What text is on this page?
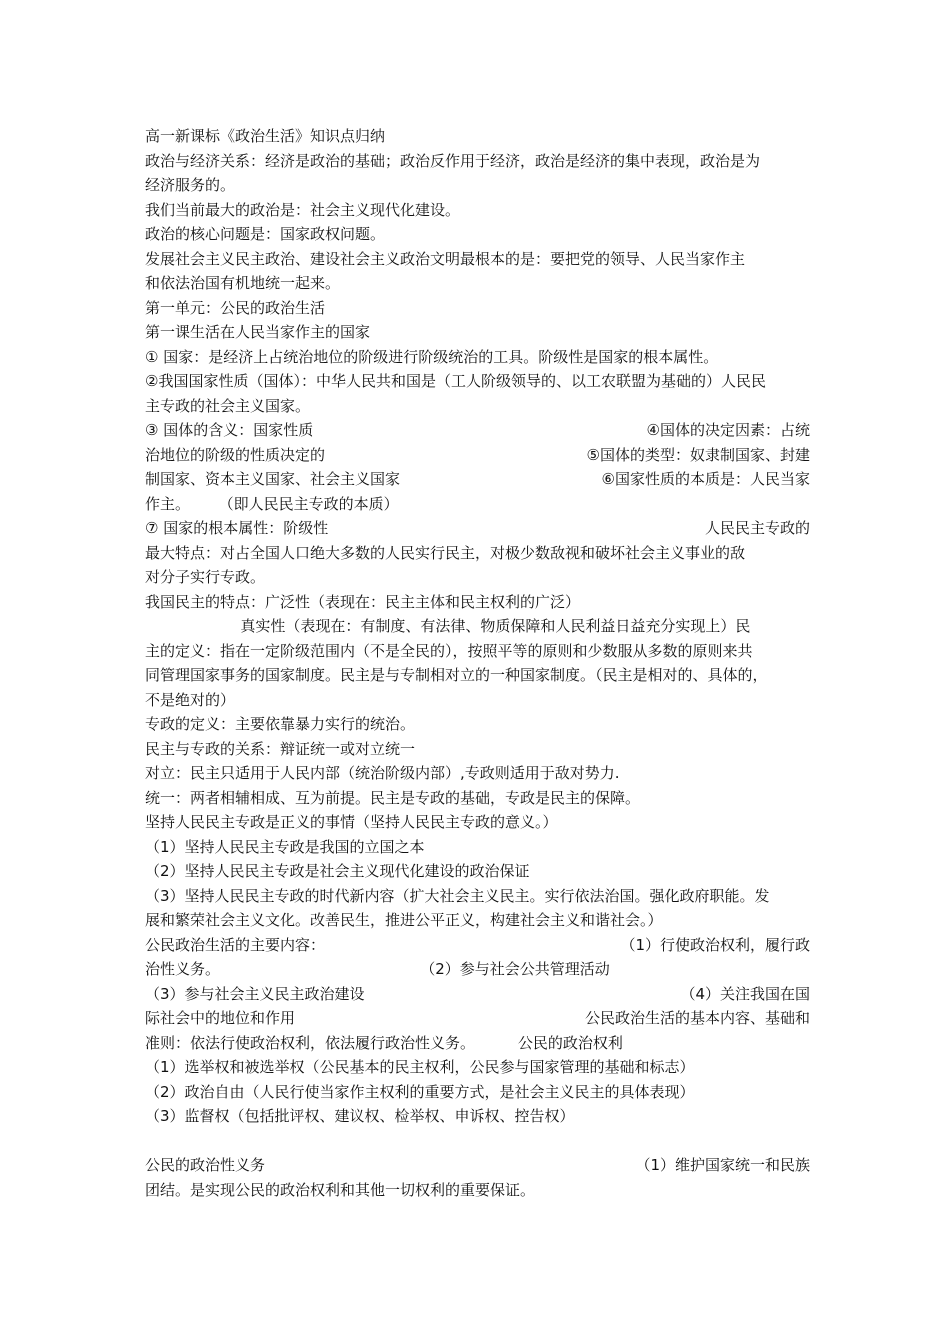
高一新课标《政治生活》知识点归纳
政治与经济关系：经济是政治的基础；政治反作用于经济，政治是经济的集中表现，政治是为
经济服务的。
我们当前最大的政治是：社会主义现代化建设。
政治的核心问题是：国家政权问题。
发展社会主义民主政治、建设社会主义政治文明最根本的是：要把党的领导、人民当家作主
和依法治国有机地统一起来。
第一单元：公民的政治生活
第一课生活在人民当家作主的国家
① 国家：是经济上占统治地位的阶级进行阶级统治的工具。阶级性是国家的根本属性。
②我国国家性质（国体）：中华人民共和国是（工人阶级领导的、以工农联盟为基础的）人民民
主专政的社会主义国家。
③ 国体的含义：国家性质	④国体的决定因素：占统
治地位的阶级的性质决定的	⑤国体的类型：奴隶制国家、封建
制国家、资本主义国家、社会主义国家	⑥国家性质的本质是：人民当家
作主。      （即人民民主专政的本质）
⑦ 国家的根本属性：阶级性	人民民主专政的
最大特点：对占全国人口绝大多数的人民实行民主，对极少数敌视和破坏社会主义事业的敌
对分子实行专政。
我国民主的特点：广泛性（表现在：民主主体和民主权利的广泛）
真实性（表现在：有制度、有法律、物质保障和人民利益日益充分实现上）民
主的定义：指在一定阶级范围内（不是全民的），按照平等的原则和少数服从多数的原则来共
同管理国家事务的国家制度。民主是与专制相对立的一种国家制度。（民主是相对的、具体的，
不是绝对的）
专政的定义：主要依靠暴力实行的统治。
民主与专政的关系：辩证统一或对立统一
对立：民主只适用于人民内部（统治阶级内部）,专政则适用于敌对势力.
统一：两者相辅相成、互为前提。民主是专政的基础，专政是民主的保障。
坚持人民民主专政是正义的事情（坚持人民民主专政的意义。）
（1）坚持人民民主专政是我国的立国之本
（2）坚持人民民主专政是社会主义现代化建设的政治保证
（3）坚持人民民主专政的时代新内容（扩大社会主义民主。实行依法治国。强化政府职能。发
展和繁荣社会主义文化。改善民生，推进公平正义，构建社会主义和谐社会。）
公民政治生活的主要内容：	（1）行使政治权利，履行政
治性义务。	（2）参与社会公共管理活动
（3）参与社会主义民主政治建设	（4）关注我国在国
际社会中的地位和作用	公民政治生活的基本内容、基础和
准则：依法行使政治权利，依法履行政治性义务。         公民的政治权利
（1）选举权和被选举权（公民基本的民主权利，公民参与国家管理的基础和标志）
（2）政治自由（人民行使当家作主权利的重要方式，是社会主义民主的具体表现）
（3）监督权（包括批评权、建议权、检举权、申诉权、控告权）
公民的政治性义务	（1）维护国家统一和民族
团结。是实现公民的政治权利和其他一切权利的重要保证。
